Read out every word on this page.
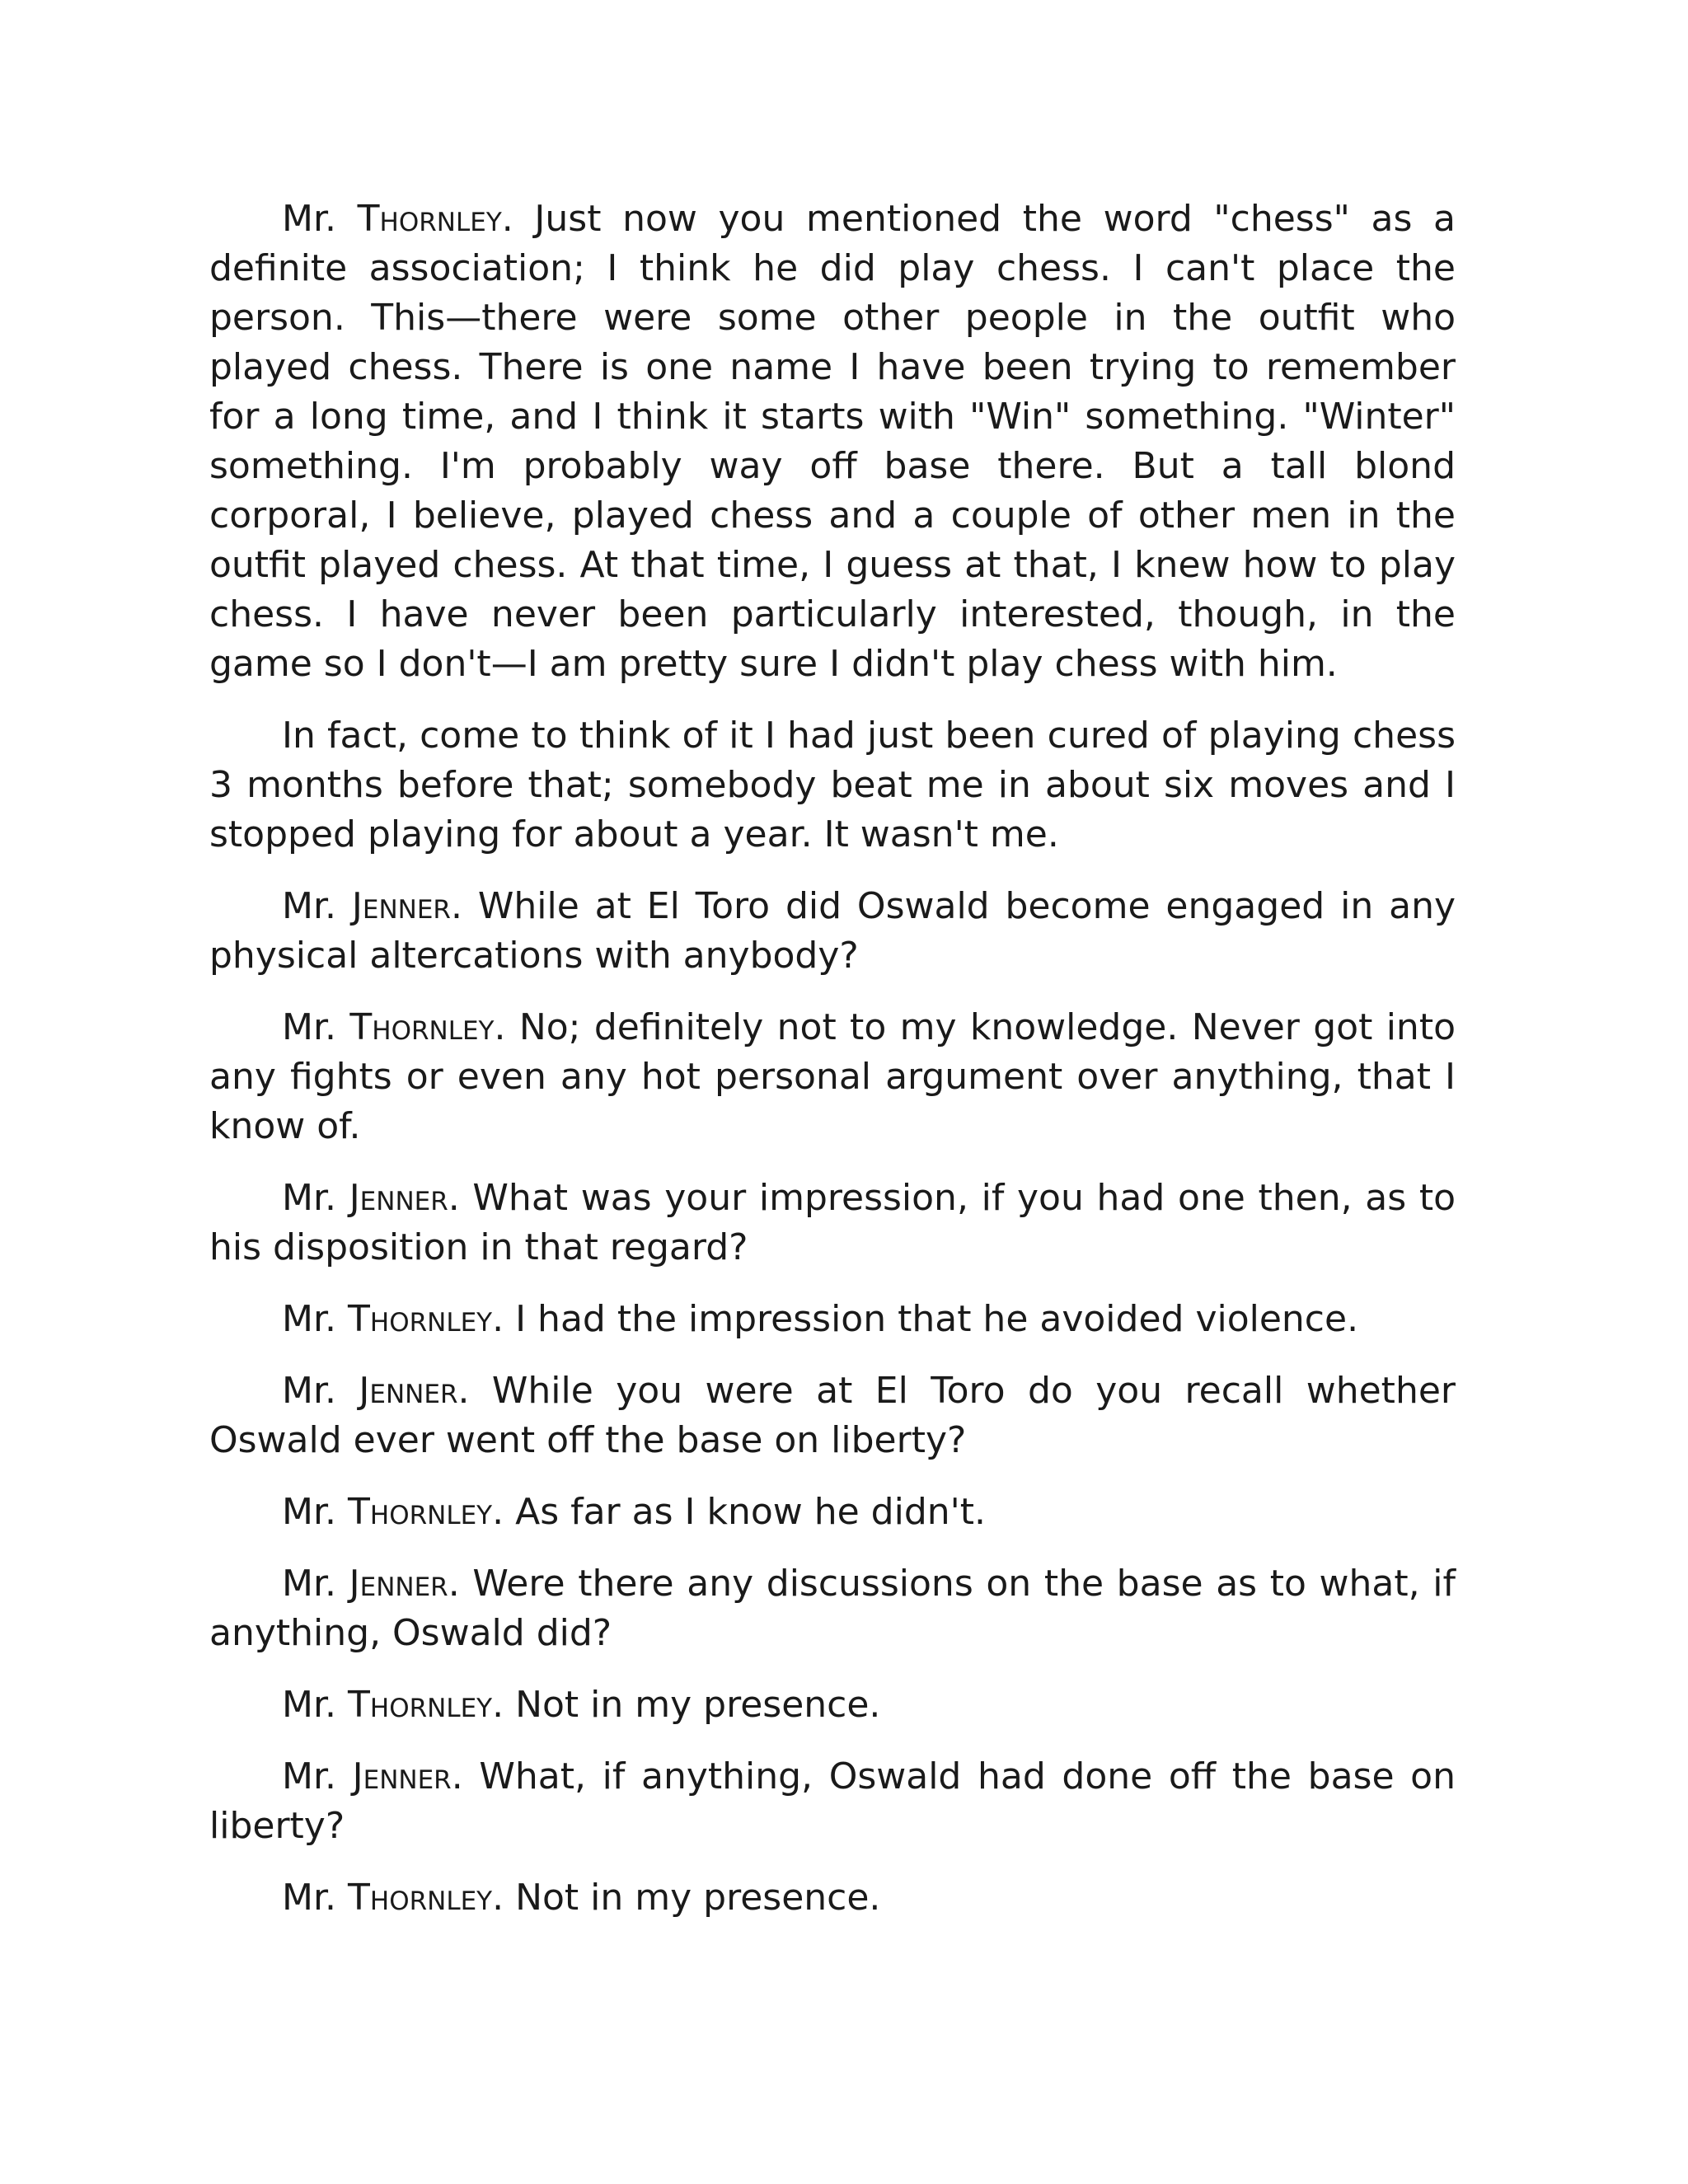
Mr. Thornley. Just now you mentioned the word "chess" as a definite association; I think he did play chess. I can't place the person. This—there were some other people in the outfit who played chess. There is one name I have been trying to remember for a long time, and I think it starts with "Win" something. "Winter" something. I'm probably way off base there. But a tall blond corporal, I believe, played chess and a couple of other men in the outfit played chess. At that time, I guess at that, I knew how to play chess. I have never been particularly interested, though, in the game so I don't—I am pretty sure I didn't play chess with him.

In fact, come to think of it I had just been cured of playing chess 3 months before that; somebody beat me in about six moves and I stopped playing for about a year. It wasn't me.

Mr. Jenner. While at El Toro did Oswald become engaged in any physical altercations with anybody?

Mr. Thornley. No; definitely not to my knowledge. Never got into any fights or even any hot personal argument over anything, that I know of.

Mr. Jenner. What was your impression, if you had one then, as to his disposition in that regard?

Mr. Thornley. I had the impression that he avoided violence.

Mr. Jenner. While you were at El Toro do you recall whether Oswald ever went off the base on liberty?

Mr. Thornley. As far as I know he didn't.

Mr. Jenner. Were there any discussions on the base as to what, if anything, Oswald did?

Mr. Thornley. Not in my presence.

Mr. Jenner. What, if anything, Oswald had done off the base on liberty?

Mr. Thornley. Not in my presence.
